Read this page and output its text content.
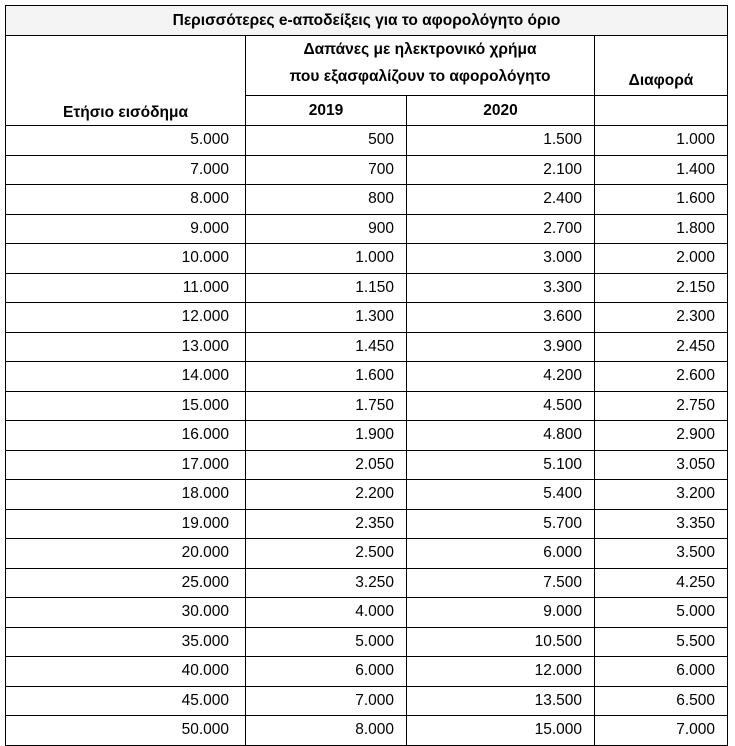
Περισσότερες e-αποδείξεις για το αφορολόγητο όριο			
Ετήσιο εισόδημα	Δαπάνες με ηλεκτρονικό χρήμα
που εξασφαλίζουν το αφορολόγητο		Διαφορά
	2019	2020	
5.000	500	1.500	1.000
7.000	700	2.100	1.400
8.000	800	2.400	1.600
9.000	900	2.700	1.800
10.000	1.000	3.000	2.000
11.000	1.150	3.300	2.150
12.000	1.300	3.600	2.300
13.000	1.450	3.900	2.450
14.000	1.600	4.200	2.600
15.000	1.750	4.500	2.750
16.000	1.900	4.800	2.900
17.000	2.050	5.100	3.050
18.000	2.200	5.400	3.200
19.000	2.350	5.700	3.350
20.000	2.500	6.000	3.500
25.000	3.250	7.500	4.250
30.000	4.000	9.000	5.000
35.000	5.000	10.500	5.500
40.000	6.000	12.000	6.000
45.000	7.000	13.500	6.500
50.000	8.000	15.000	7.000
